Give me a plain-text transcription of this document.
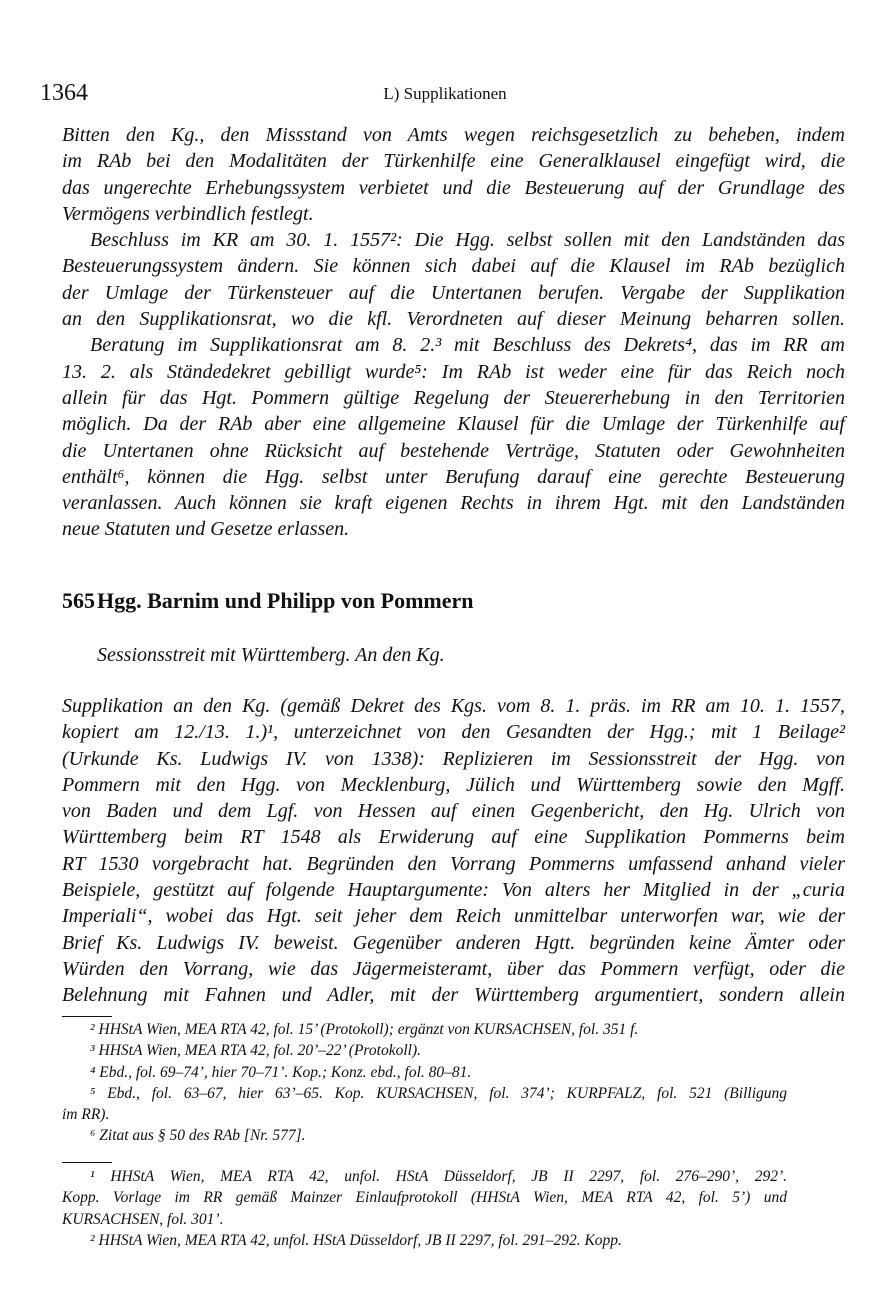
1364	L) Supplikationen
Bitten den Kg., den Missstand von Amts wegen reichsgesetzlich zu beheben, indem
im RAb bei den Modalitäten der Türkenhilfe eine Generalklausel eingefügt wird, die
das ungerechte Erhebungssystem verbietet und die Besteuerung auf der Grundlage des
Vermögens verbindlich festlegt.
Beschluss im KR am 30. 1. 1557²: Die Hgg. selbst sollen mit den Landständen das
Besteuerungssystem ändern. Sie können sich dabei auf die Klausel im RAb bezüglich
der Umlage der Türkensteuer auf die Untertanen berufen. Vergabe der Supplikation
an den Supplikationsrat, wo die kfl. Verordneten auf dieser Meinung beharren sollen.
Beratung im Supplikationsrat am 8. 2.³ mit Beschluss des Dekrets⁴, das im RR am
13. 2. als Ständedekret gebilligt wurde⁵: Im RAb ist weder eine für das Reich noch
allein für das Hgt. Pommern gültige Regelung der Steuererhebung in den Territorien
möglich. Da der RAb aber eine allgemeine Klausel für die Umlage der Türkenhilfe auf
die Untertanen ohne Rücksicht auf bestehende Verträge, Statuten oder Gewohnheiten
enthält⁶, können die Hgg. selbst unter Berufung darauf eine gerechte Besteuerung
veranlassen. Auch können sie kraft eigenen Rechts in ihrem Hgt. mit den Landständen
neue Statuten und Gesetze erlassen.
565Hgg. Barnim und Philipp von Pommern
Sessionsstreit mit Württemberg. An den Kg.
Supplikation an den Kg. (gemäß Dekret des Kgs. vom 8. 1. präs. im RR am 10. 1. 1557,
kopiert am 12./13. 1.)¹, unterzeichnet von den Gesandten der Hgg.; mit 1 Beilage²
(Urkunde Ks. Ludwigs IV. von 1338): Replizieren im Sessionsstreit der Hgg. von
Pommern mit den Hgg. von Mecklenburg, Jülich und Württemberg sowie den Mgff.
von Baden und dem Lgf. von Hessen auf einen Gegenbericht, den Hg. Ulrich von
Württemberg beim RT 1548 als Erwiderung auf eine Supplikation Pommerns beim
RT 1530 vorgebracht hat. Begründen den Vorrang Pommerns umfassend anhand vieler
Beispiele, gestützt auf folgende Hauptargumente: Von alters her Mitglied in der „curia
Imperiali“, wobei das Hgt. seit jeher dem Reich unmittelbar unterworfen war, wie der
Brief Ks. Ludwigs IV. beweist. Gegenüber anderen Hgtt. begründen keine Ämter oder
Würden den Vorrang, wie das Jägermeisteramt, über das Pommern verfügt, oder die
Belehnung mit Fahnen und Adler, mit der Württemberg argumentiert, sondern allein
² HHStA Wien, MEA RTA 42, fol. 15’ (Protokoll); ergänzt von KURSACHSEN, fol. 351 f.
³ HHStA Wien, MEA RTA 42, fol. 20’–22’ (Protokoll).
⁴ Ebd., fol. 69–74’, hier 70–71’. Kop.; Konz. ebd., fol. 80–81.
⁵ Ebd., fol. 63–67, hier 63’–65. Kop. KURSACHSEN, fol. 374’; KURPFALZ, fol. 521 (Billigung
im RR).
⁶ Zitat aus § 50 des RAb [Nr. 577].
¹ HHStA Wien, MEA RTA 42, unfol. HStA Düsseldorf, JB II 2297, fol. 276–290’, 292’.
Kopp. Vorlage im RR gemäß Mainzer Einlaufprotokoll (HHStA Wien, MEA RTA 42, fol. 5’) und
KURSACHSEN, fol. 301’.
² HHStA Wien, MEA RTA 42, unfol. HStA Düsseldorf, JB II 2297, fol. 291–292. Kopp.
